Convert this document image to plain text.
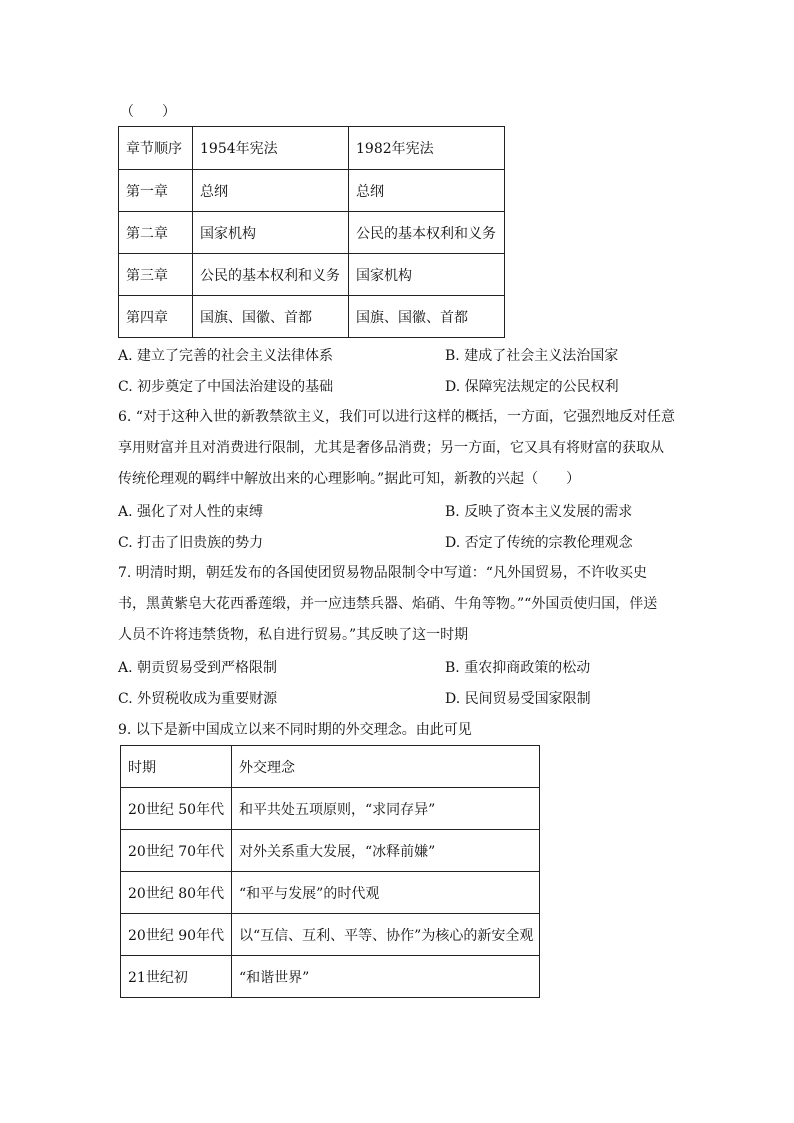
（　　）
章节顺序	1954年宪法	1982年宪法
第一章	总纲	总纲
第二章	国家机构	公民的基本权利和义务
第三章	公民的基本权利和义务	国家机构
第四章	国旗、国徽、首都	国旗、国徽、首都
A. 建立了完善的社会主义法律体系	B. 建成了社会主义法治国家
C. 初步奠定了中国法治建设的基础	D. 保障宪法规定的公民权利
6. “对于这种入世的新教禁欲主义，我们可以进行这样的概括，一方面，它强烈地反对任意
享用财富并且对消费进行限制，尤其是奢侈品消费；另一方面，它又具有将财富的获取从
传统伦理观的羁绊中解放出来的心理影响。”据此可知，新教的兴起（　　）
A. 强化了对人性的束缚	B. 反映了资本主义发展的需求
C. 打击了旧贵族的势力	D. 否定了传统的宗教伦理观念
7. 明清时期，朝廷发布的各国使团贸易物品限制令中写道：“凡外国贸易，不许收买史
书，黑黄紫皂大花西番莲缎，并一应违禁兵器、焰硝、牛角等物。”“外国贡使归国，伴送
人员不许将违禁货物，私自进行贸易。”其反映了这一时期
A. 朝贡贸易受到严格限制	B. 重农抑商政策的松动
C. 外贸税收成为重要财源	D. 民间贸易受国家限制
9. 以下是新中国成立以来不同时期的外交理念。由此可见
时期	外交理念
20世纪 50年代	和平共处五项原则，“求同存异”
20世纪 70年代	对外关系重大发展，“冰释前嫌”
20世纪 80年代	“和平与发展”的时代观
20世纪 90年代	以“互信、互利、平等、协作”为核心的新安全观
21世纪初	“和谐世界”
